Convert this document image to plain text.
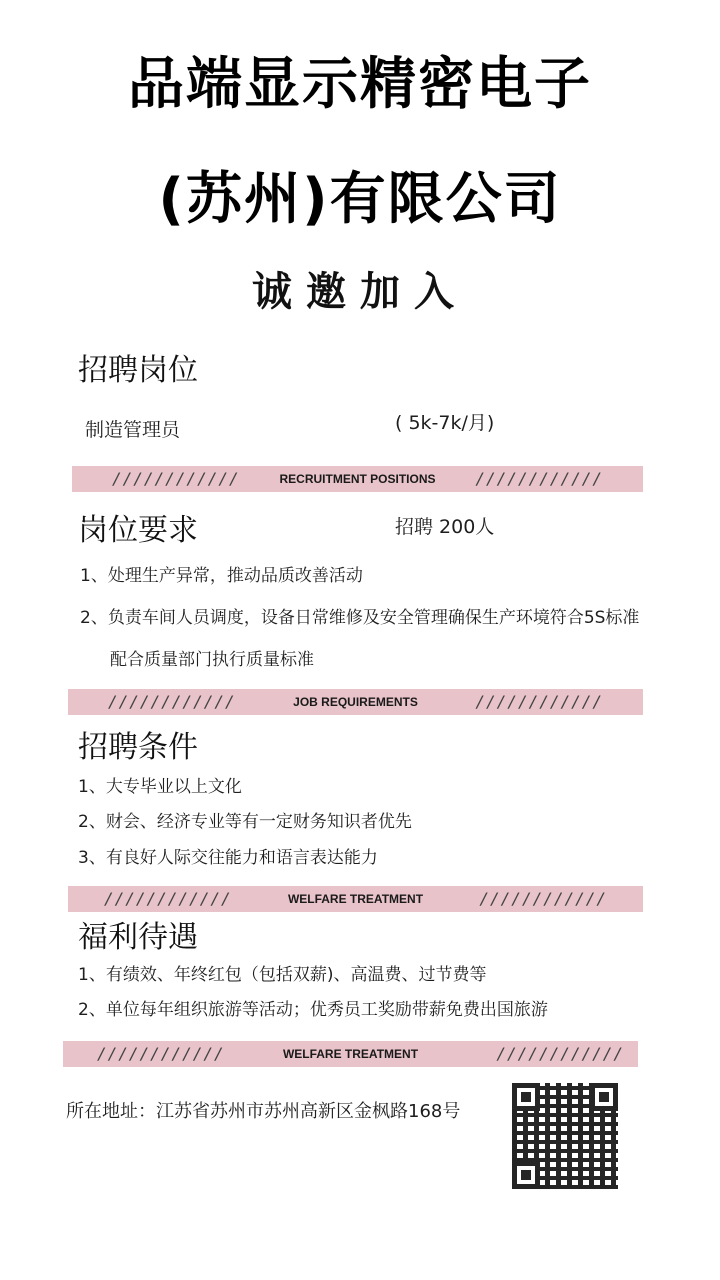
品端显示精密电子
(苏州)有限公司
诚邀加入
招聘岗位
制造管理员	( 5k-7k/月)
////////////	RECRUITMENT POSITIONS	////////////
岗位要求	招聘 200人
1、处理生产异常，推动品质改善活动
2、负责车间人员调度，设备日常维修及安全管理确保生产环境符合5S标准
配合质量部门执行质量标准
////////////	JOB REQUIREMENTS	////////////
招聘条件
1、大专毕业以上文化
2、财会、经济专业等有一定财务知识者优先
3、有良好人际交往能力和语言表达能力
////////////	WELFARE TREATMENT	////////////
福利待遇
1、有绩效、年终红包（包括双薪)、高温费、过节费等
2、单位每年组织旅游等活动；优秀员工奖励带薪免费出国旅游
////////////	WELFARE TREATMENT	////////////
所在地址：江苏省苏州市苏州高新区金枫路168号
